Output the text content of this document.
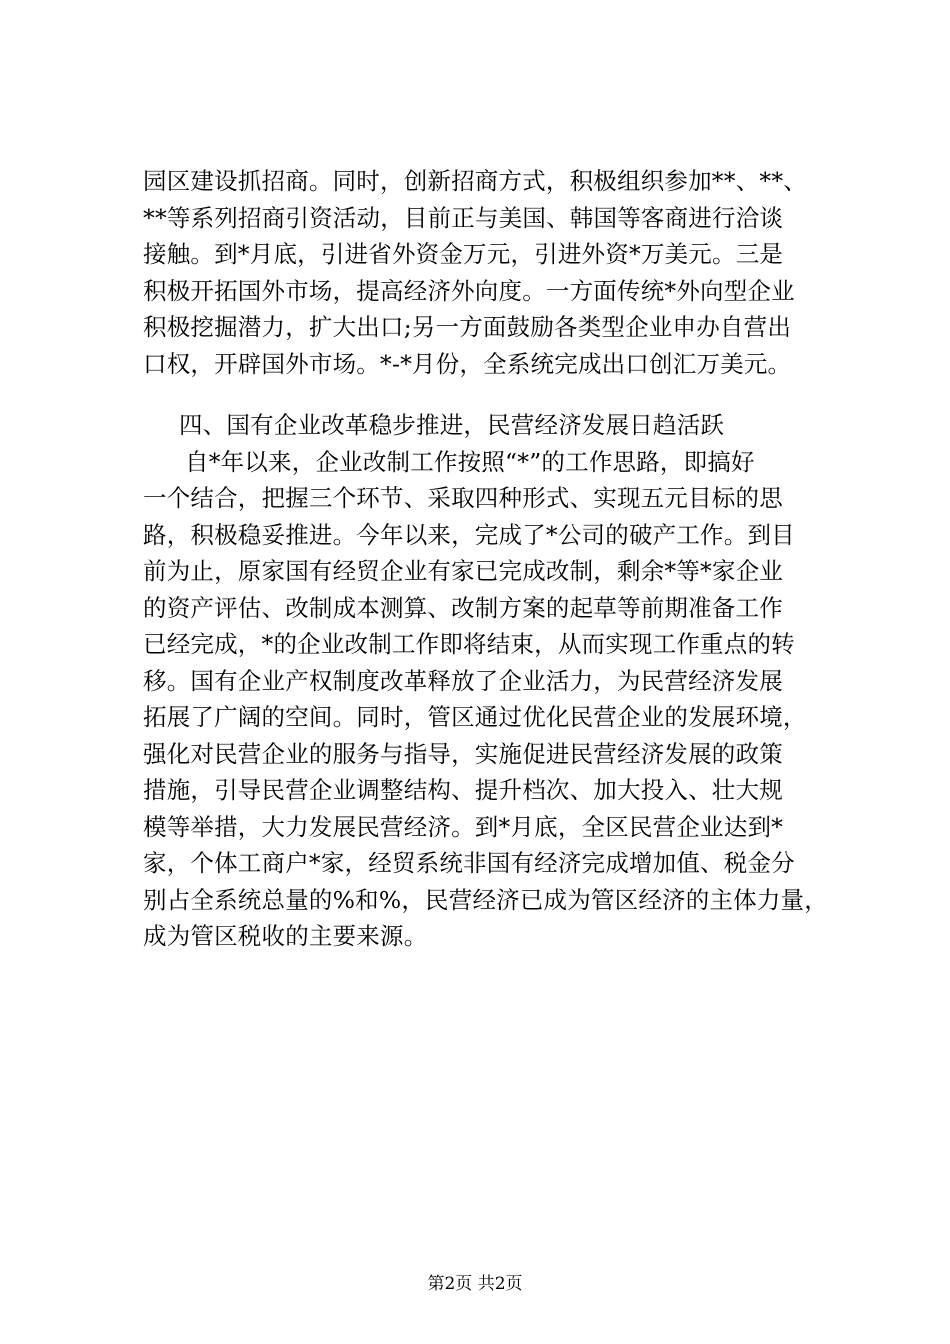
园区建设抓招商。同时，创新招商方式，积极组织参加**、**、
**等系列招商引资活动，目前正与美国、韩国等客商进行洽谈
接触。到*月底，引进省外资金万元，引进外资*万美元。三是
积极开拓国外市场，提高经济外向度。一方面传统*外向型企业
积极挖掘潜力，扩大出口;另一方面鼓励各类型企业申办自营出
口权，开辟国外市场。*-*月份，全系统完成出口创汇万美元。
四、国有企业改革稳步推进，民营经济发展日趋活跃
自*年以来，企业改制工作按照“*”的工作思路，即搞好
一个结合，把握三个环节、采取四种形式、实现五元目标的思
路，积极稳妥推进。今年以来，完成了*公司的破产工作。到目
前为止，原家国有经贸企业有家已完成改制，剩余*等*家企业
的资产评估、改制成本测算、改制方案的起草等前期准备工作
已经完成，*的企业改制工作即将结束，从而实现工作重点的转
移。国有企业产权制度改革释放了企业活力，为民营经济发展
拓展了广阔的空间。同时，管区通过优化民营企业的发展环境，
强化对民营企业的服务与指导，实施促进民营经济发展的政策
措施，引导民营企业调整结构、提升档次、加大投入、壮大规
模等举措，大力发展民营经济。到*月底，全区民营企业达到*
家，个体工商户*家，经贸系统非国有经济完成增加值、税金分
别占全系统总量的%和%，民营经济已成为管区经济的主体力量，
成为管区税收的主要来源。
第2页 共2页
